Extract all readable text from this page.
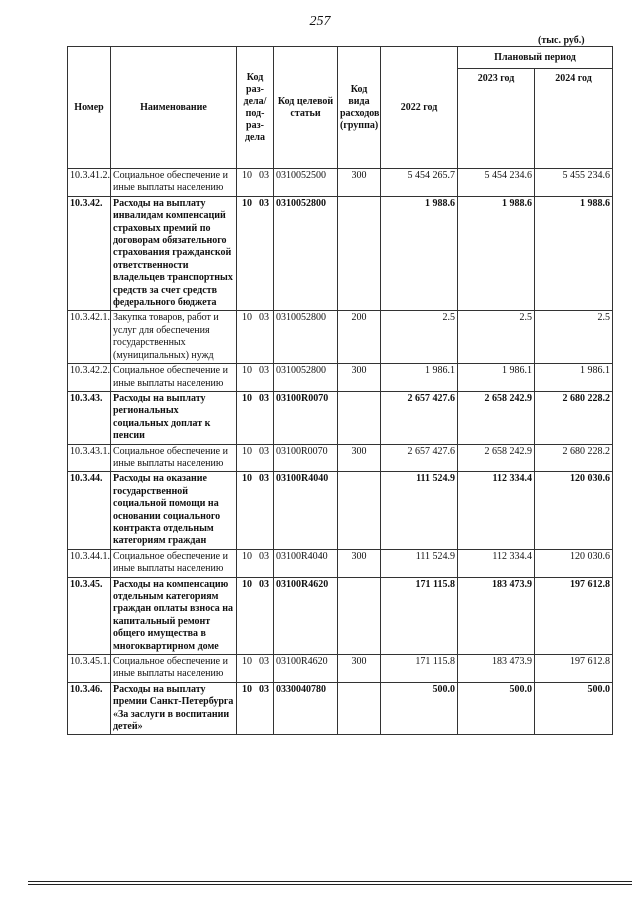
257
(тыс. руб.)
Номер	Наименование	Код раз-дела/ под-раз-дела	Код целевой статьи	Код вида расходов (группа)	2022 год	Плановый период	
						2023 год	2024 год
10.3.41.2.	Социальное обеспечение и иные выплаты населению	10 03	0310052500	300	5 454 265.7	5 454 234.6	5 455 234.6
10.3.42.	Расходы на выплату инвалидам компенсаций страховых премий по договорам обязательного страхования гражданской ответственности владельцев транспортных средств за счет средств федерального бюджета	10 03	0310052800		1 988.6	1 988.6	1 988.6
10.3.42.1.	Закупка товаров, работ и услуг для обеспечения государственных (муниципальных) нужд	10 03	0310052800	200	2.5	2.5	2.5
10.3.42.2.	Социальное обеспечение и иные выплаты населению	10 03	0310052800	300	1 986.1	1 986.1	1 986.1
10.3.43.	Расходы на выплату региональных социальных доплат к пенсии	10 03	03100R0070		2 657 427.6	2 658 242.9	2 680 228.2
10.3.43.1.	Социальное обеспечение и иные выплаты населению	10 03	03100R0070	300	2 657 427.6	2 658 242.9	2 680 228.2
10.3.44.	Расходы на оказание государственной социальной помощи на основании социального контракта отдельным категориям граждан	10 03	03100R4040		111 524.9	112 334.4	120 030.6
10.3.44.1.	Социальное обеспечение и иные выплаты населению	10 03	03100R4040	300	111 524.9	112 334.4	120 030.6
10.3.45.	Расходы на компенсацию отдельным категориям граждан оплаты взноса на капитальный ремонт общего имущества в многоквартирном доме	10 03	03100R4620		171 115.8	183 473.9	197 612.8
10.3.45.1.	Социальное обеспечение и иные выплаты населению	10 03	03100R4620	300	171 115.8	183 473.9	197 612.8
10.3.46.	Расходы на выплату премии Санкт-Петербурга «За заслуги в воспитании детей»	10 03	0330040780		500.0	500.0	500.0
